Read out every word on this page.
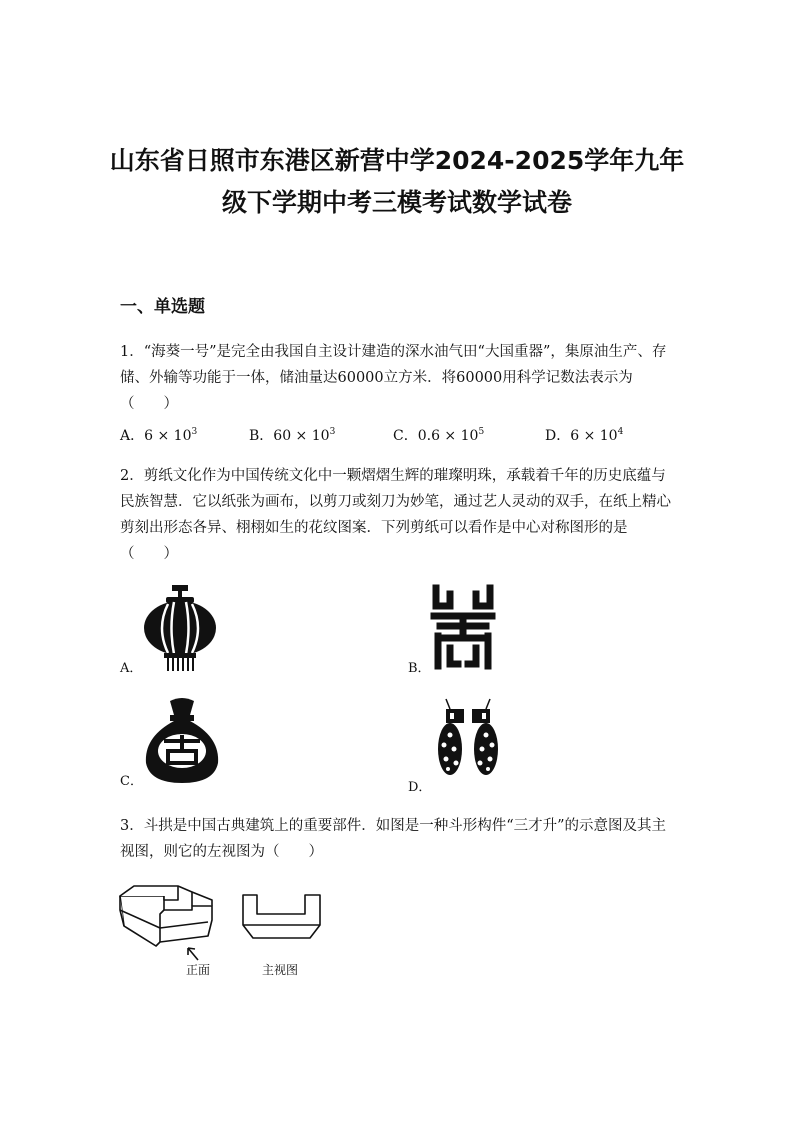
山东省日照市东港区新营中学2024-2025学年九年
级下学期中考三模考试数学试卷
一、单选题
1．“海葵一号”是完全由我国自主设计建造的深水油气田“大国重器”，集原油生产、存储、外输等功能于一体，储油量达60000立方米．将60000用科学记数法表示为（　　）
A．$6 \times 10^3$	B．$60 \times 10^3$	C．$0.6 \times 10^5$	D．$6 \times 10^4$
2．剪纸文化作为中国传统文化中一颗熠熠生辉的璀璨明珠，承载着千年的历史底蕴与民族智慧．它以纸张为画布，以剪刀或刻刀为妙笔，通过艺人灵动的双手，在纸上精心剪刻出形态各异、栩栩如生的花纹图案．下列剪纸可以看作是中心对称图形的是（　　）
A．	B．
C．	D．
3．斗拱是中国古典建筑上的重要部件．如图是一种斗形构件“三才升”的示意图及其主视图，则它的左视图为（　　）
正面	主视图
